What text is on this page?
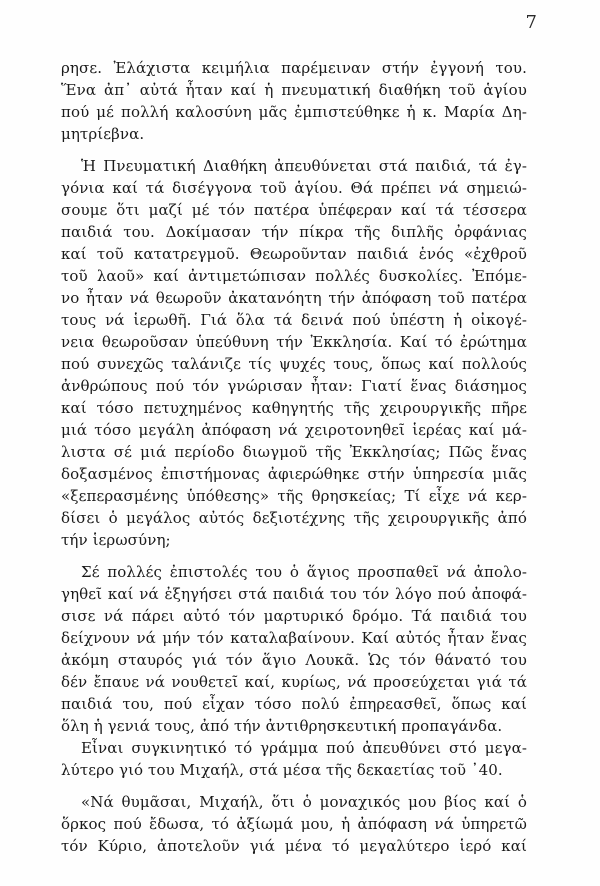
7
ρησε. Ἐλάχιστα κειμήλια παρέμειναν στήν ἐγγονή του.
Ἕνα ἀπ᾽ αὐτά ἦταν καί ἡ πνευματική διαθήκη τοῦ ἁγίου
πού μέ πολλή καλοσύνη μᾶς ἐμπιστεύθηκε ἡ κ. Μαρία Δη-
μητρίεβνα.
Ἡ Πνευματική Διαθήκη ἀπευθύνεται στά παιδιά, τά ἐγ-
γόνια καί τά δισέγγονα τοῦ ἁγίου. Θά πρέπει νά σημειώ-
σουμε ὅτι μαζί μέ τόν πατέρα ὑπέφεραν καί τά τέσσερα
παιδιά του. Δοκίμασαν τήν πίκρα τῆς διπλῆς ὀρφάνιας
καί τοῦ κατατρεγμοῦ. Θεωροῦνταν παιδιά ἑνός «ἐχθροῦ
τοῦ λαοῦ» καί ἀντιμετώπισαν πολλές δυσκολίες. Ἐπόμε-
νο ἦταν νά θεωροῦν ἀκατανόητη τήν ἀπόφαση τοῦ πατέρα
τους νά ἱερωθῆ. Γιά ὅλα τά δεινά πού ὑπέστη ἡ οἰκογέ-
νεια θεωροῦσαν ὑπεύθυνη τήν Ἐκκλησία. Καί τό ἐρώτημα
πού συνεχῶς ταλάνιζε τίς ψυχές τους, ὅπως καί πολλούς
ἀνθρώπους πού τόν γνώρισαν ἦταν: Γιατί ἕνας διάσημος
καί τόσο πετυχημένος καθηγητής τῆς χειρουργικῆς πῆρε
μιά τόσο μεγάλη ἀπόφαση νά χειροτονηθεῖ ἱερέας καί μά-
λιστα σέ μιά περίοδο διωγμοῦ τῆς Ἐκκλησίας; Πῶς ἕνας
δοξασμένος ἐπιστήμονας ἀφιερώθηκε στήν ὑπηρεσία μιᾶς
«ξεπερασμένης ὑπόθεσης» τῆς θρησκείας; Τί εἶχε νά κερ-
δίσει ὁ μεγάλος αὐτός δεξιοτέχνης τῆς χειρουργικῆς ἀπό
τήν ἱερωσύνη;
Σέ πολλές ἐπιστολές του ὁ ἅγιος προσπαθεῖ νά ἀπολο-
γηθεῖ καί νά ἐξηγήσει στά παιδιά του τόν λόγο πού ἀποφά-
σισε νά πάρει αὐτό τόν μαρτυρικό δρόμο. Τά παιδιά του
δείχνουν νά μήν τόν καταλαβαίνουν. Καί αὐτός ἦταν ἕνας
ἀκόμη σταυρός γιά τόν ἅγιο Λουκᾶ. Ὡς τόν θάνατό του
δέν ἔπαυε νά νουθετεῖ καί, κυρίως, νά προσεύχεται γιά τά
παιδιά του, πού εἶχαν τόσο πολύ ἐπηρεασθεῖ, ὅπως καί
ὅλη ἡ γενιά τους, ἀπό τήν ἀντιθρησκευτική προπαγάνδα.
Εἶναι συγκινητικό τό γράμμα πού ἀπευθύνει στό μεγα-
λύτερο γιό του Μιχαήλ, στά μέσα τῆς δεκαετίας τοῦ ᾽40.
«Νά θυμᾶσαι, Μιχαήλ, ὅτι ὁ μοναχικός μου βίος καί ὁ
ὅρκος πού ἔδωσα, τό ἀξίωμά μου, ἡ ἀπόφαση νά ὑπηρετῶ
τόν Κύριο, ἀποτελοῦν γιά μένα τό μεγαλύτερο ἱερό καί
